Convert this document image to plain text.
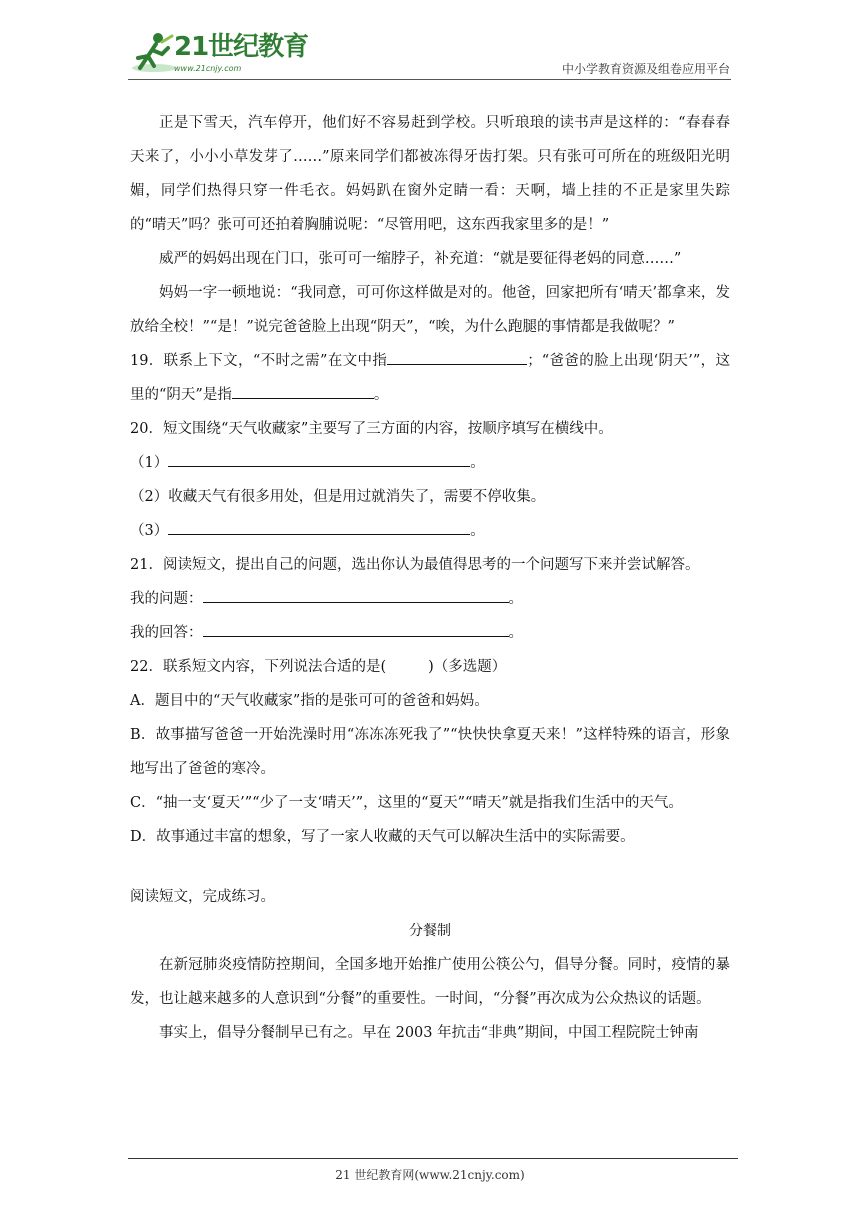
21世纪教育
www.21cnjy.com	中小学教育资源及组卷应用平台

正是下雪天，汽车停开，他们好不容易赶到学校。只听琅琅的读书声是这样的：“春春春天来了，小小小草发芽了……”原来同学们都被冻得牙齿打架。只有张可可所在的班级阳光明媚，同学们热得只穿一件毛衣。妈妈趴在窗外定睛一看：天啊，墙上挂的不正是家里失踪的“晴天”吗？张可可还拍着胸脯说呢：“尽管用吧，这东西我家里多的是！”

威严的妈妈出现在门口，张可可一缩脖子，补充道：“就是要征得老妈的同意……”

妈妈一字一顿地说：“我同意，可可你这样做是对的。他爸，回家把所有‘晴天’都拿来，发放给全校！”“是！”说完爸爸脸上出现“阴天”，“唉，为什么跑腿的事情都是我做呢？”

19．联系上下文，“不时之需”在文中指	；“爸爸的脸上出现‘阴天’”，这里的“阴天”是指	。

20．短文围绕“天气收藏家”主要写了三方面的内容，按顺序填写在横线中。

（1）	。

（2）收藏天气有很多用处，但是用过就消失了，需要不停收集。

（3）	。

21．阅读短文，提出自己的问题，选出你认为最值得思考的一个问题写下来并尝试解答。

我的问题：	。

我的回答：	。

22．联系短文内容，下列说法合适的是(	)（多选题）

A．题目中的“天气收藏家”指的是张可可的爸爸和妈妈。

B．故事描写爸爸一开始洗澡时用“冻冻冻死我了”“快快快拿夏天来！”这样特殊的语言，形象地写出了爸爸的寒冷。

C．“抽一支‘夏天’”“少了一支‘晴天’”，这里的“夏天”“晴天”就是指我们生活中的天气。

D．故事通过丰富的想象，写了一家人收藏的天气可以解决生活中的实际需要。

阅读短文，完成练习。

分餐制

在新冠肺炎疫情防控期间，全国多地开始推广使用公筷公勺，倡导分餐。同时，疫情的暴发，也让越来越多的人意识到“分餐”的重要性。一时间，“分餐”再次成为公众热议的话题。

事实上，倡导分餐制早已有之。早在 2003 年抗击“非典”期间，中国工程院院士钟南

21 世纪教育网(www.21cnjy.com)
